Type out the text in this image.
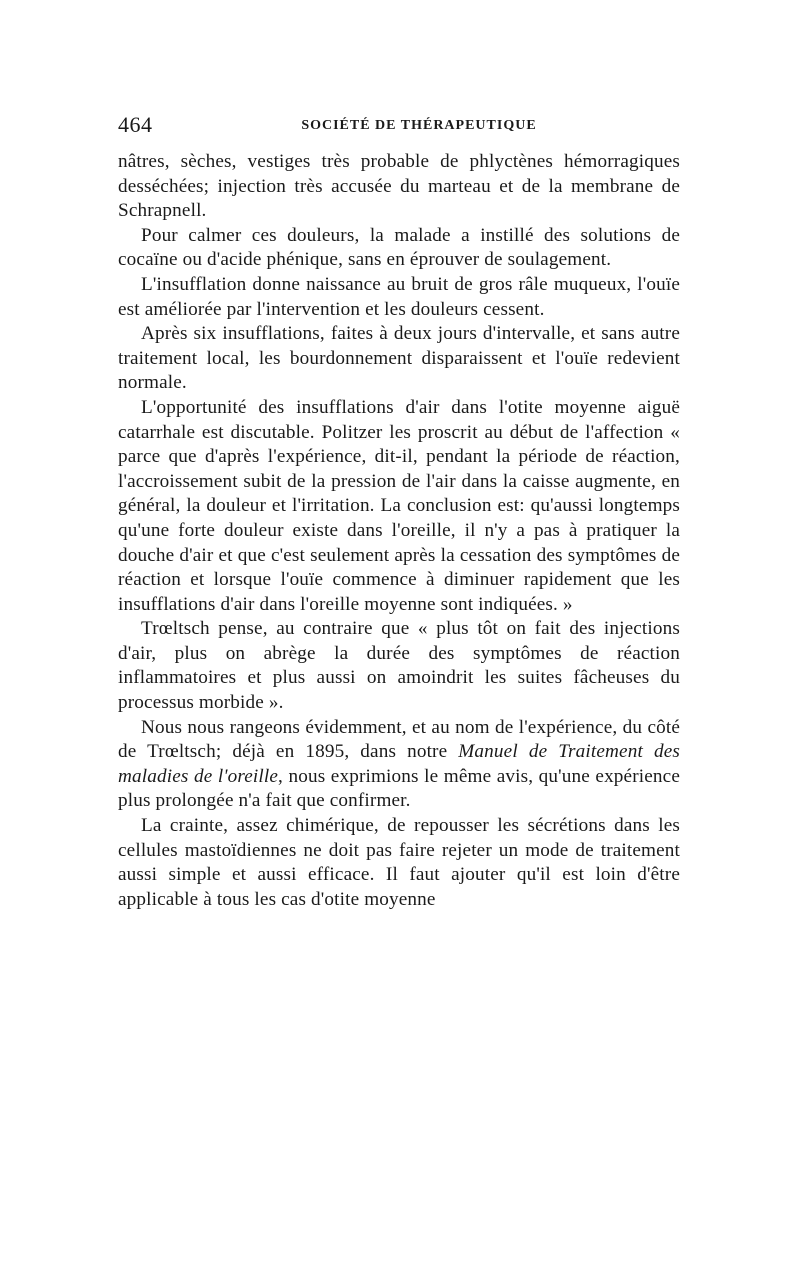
464	SOCIÉTÉ DE THÉRAPEUTIQUE

nâtres, sèches, vestiges très probable de phlyctènes hémorragiques desséchées; injection très accusée du marteau et de la membrane de Schrapnell.

Pour calmer ces douleurs, la malade a instillé des solutions de cocaïne ou d'acide phénique, sans en éprouver de soulagement.

L'insufflation donne naissance au bruit de gros râle muqueux, l'ouïe est améliorée par l'intervention et les douleurs cessent.

Après six insufflations, faites à deux jours d'intervalle, et sans autre traitement local, les bourdonnement disparaissent et l'ouïe redevient normale.

L'opportunité des insufflations d'air dans l'otite moyenne aiguë catarrhale est discutable. Politzer les proscrit au début de l'affection « parce que d'après l'expérience, dit-il, pendant la période de réaction, l'accroissement subit de la pression de l'air dans la caisse augmente, en général, la douleur et l'irritation. La conclusion est: qu'aussi longtemps qu'une forte douleur existe dans l'oreille, il n'y a pas à pratiquer la douche d'air et que c'est seulement après la cessation des symptômes de réaction et lorsque l'ouïe commence à diminuer rapidement que les insufflations d'air dans l'oreille moyenne sont indiquées. »

Trœltsch pense, au contraire que « plus tôt on fait des injections d'air, plus on abrège la durée des symptômes de réaction inflammatoires et plus aussi on amoindrit les suites fâcheuses du processus morbide ».

Nous nous rangeons évidemment, et au nom de l'expérience, du côté de Trœltsch; déjà en 1895, dans notre Manuel de Traitement des maladies de l'oreille, nous exprimions le même avis, qu'une expérience plus prolongée n'a fait que confirmer.

La crainte, assez chimérique, de repousser les sécrétions dans les cellules mastoïdiennes ne doit pas faire rejeter un mode de traitement aussi simple et aussi efficace. Il faut ajouter qu'il est loin d'être applicable à tous les cas d'otite moyenne
